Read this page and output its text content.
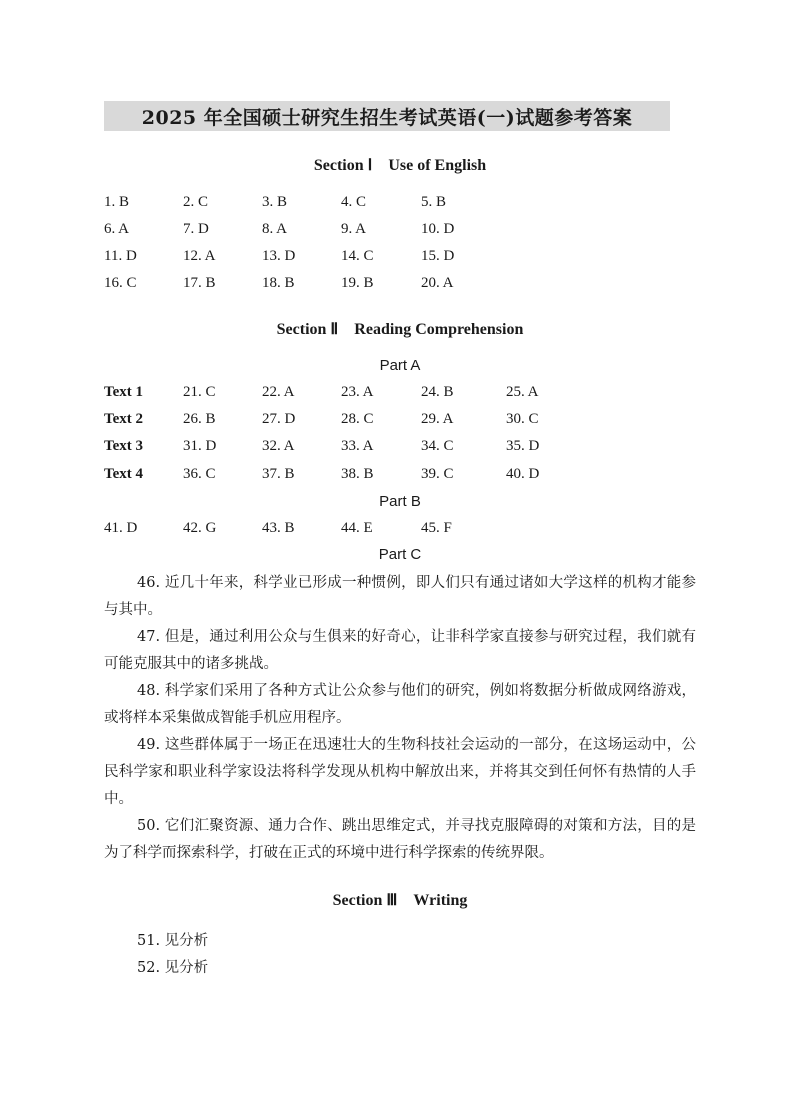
2025 年全国硕士研究生招生考试英语(一)试题参考答案
Section Ⅰ　Use of English
1. B	2. C	3. B	4. C	5. B
6. A	7. D	8. A	9. A	10. D
11. D	12. A	13. D	14. C	15. D
16. C	17. B	18. B	19. B	20. A
Section Ⅱ　Reading Comprehension
Part A
Text 1	21. C	22. A	23. A	24. B	25. A
Text 2	26. B	27. D	28. C	29. A	30. C
Text 3	31. D	32. A	33. A	34. C	35. D
Text 4	36. C	37. B	38. B	39. C	40. D
Part B
41. D	42. G	43. B	44. E	45. F
Part C
46. 近几十年来，科学业已形成一种惯例，即人们只有通过诸如大学这样的机构才能参与其中。
47. 但是，通过利用公众与生俱来的好奇心，让非科学家直接参与研究过程，我们就有可能克服其中的诸多挑战。
48. 科学家们采用了各种方式让公众参与他们的研究，例如将数据分析做成网络游戏，或将样本采集做成智能手机应用程序。
49. 这些群体属于一场正在迅速壮大的生物科技社会运动的一部分，在这场运动中，公民科学家和职业科学家设法将科学发现从机构中解放出来，并将其交到任何怀有热情的人手中。
50. 它们汇聚资源、通力合作、跳出思维定式，并寻找克服障碍的对策和方法，目的是为了科学而探索科学，打破在正式的环境中进行科学探索的传统界限。
Section Ⅲ　Writing
51. 见分析
52. 见分析
